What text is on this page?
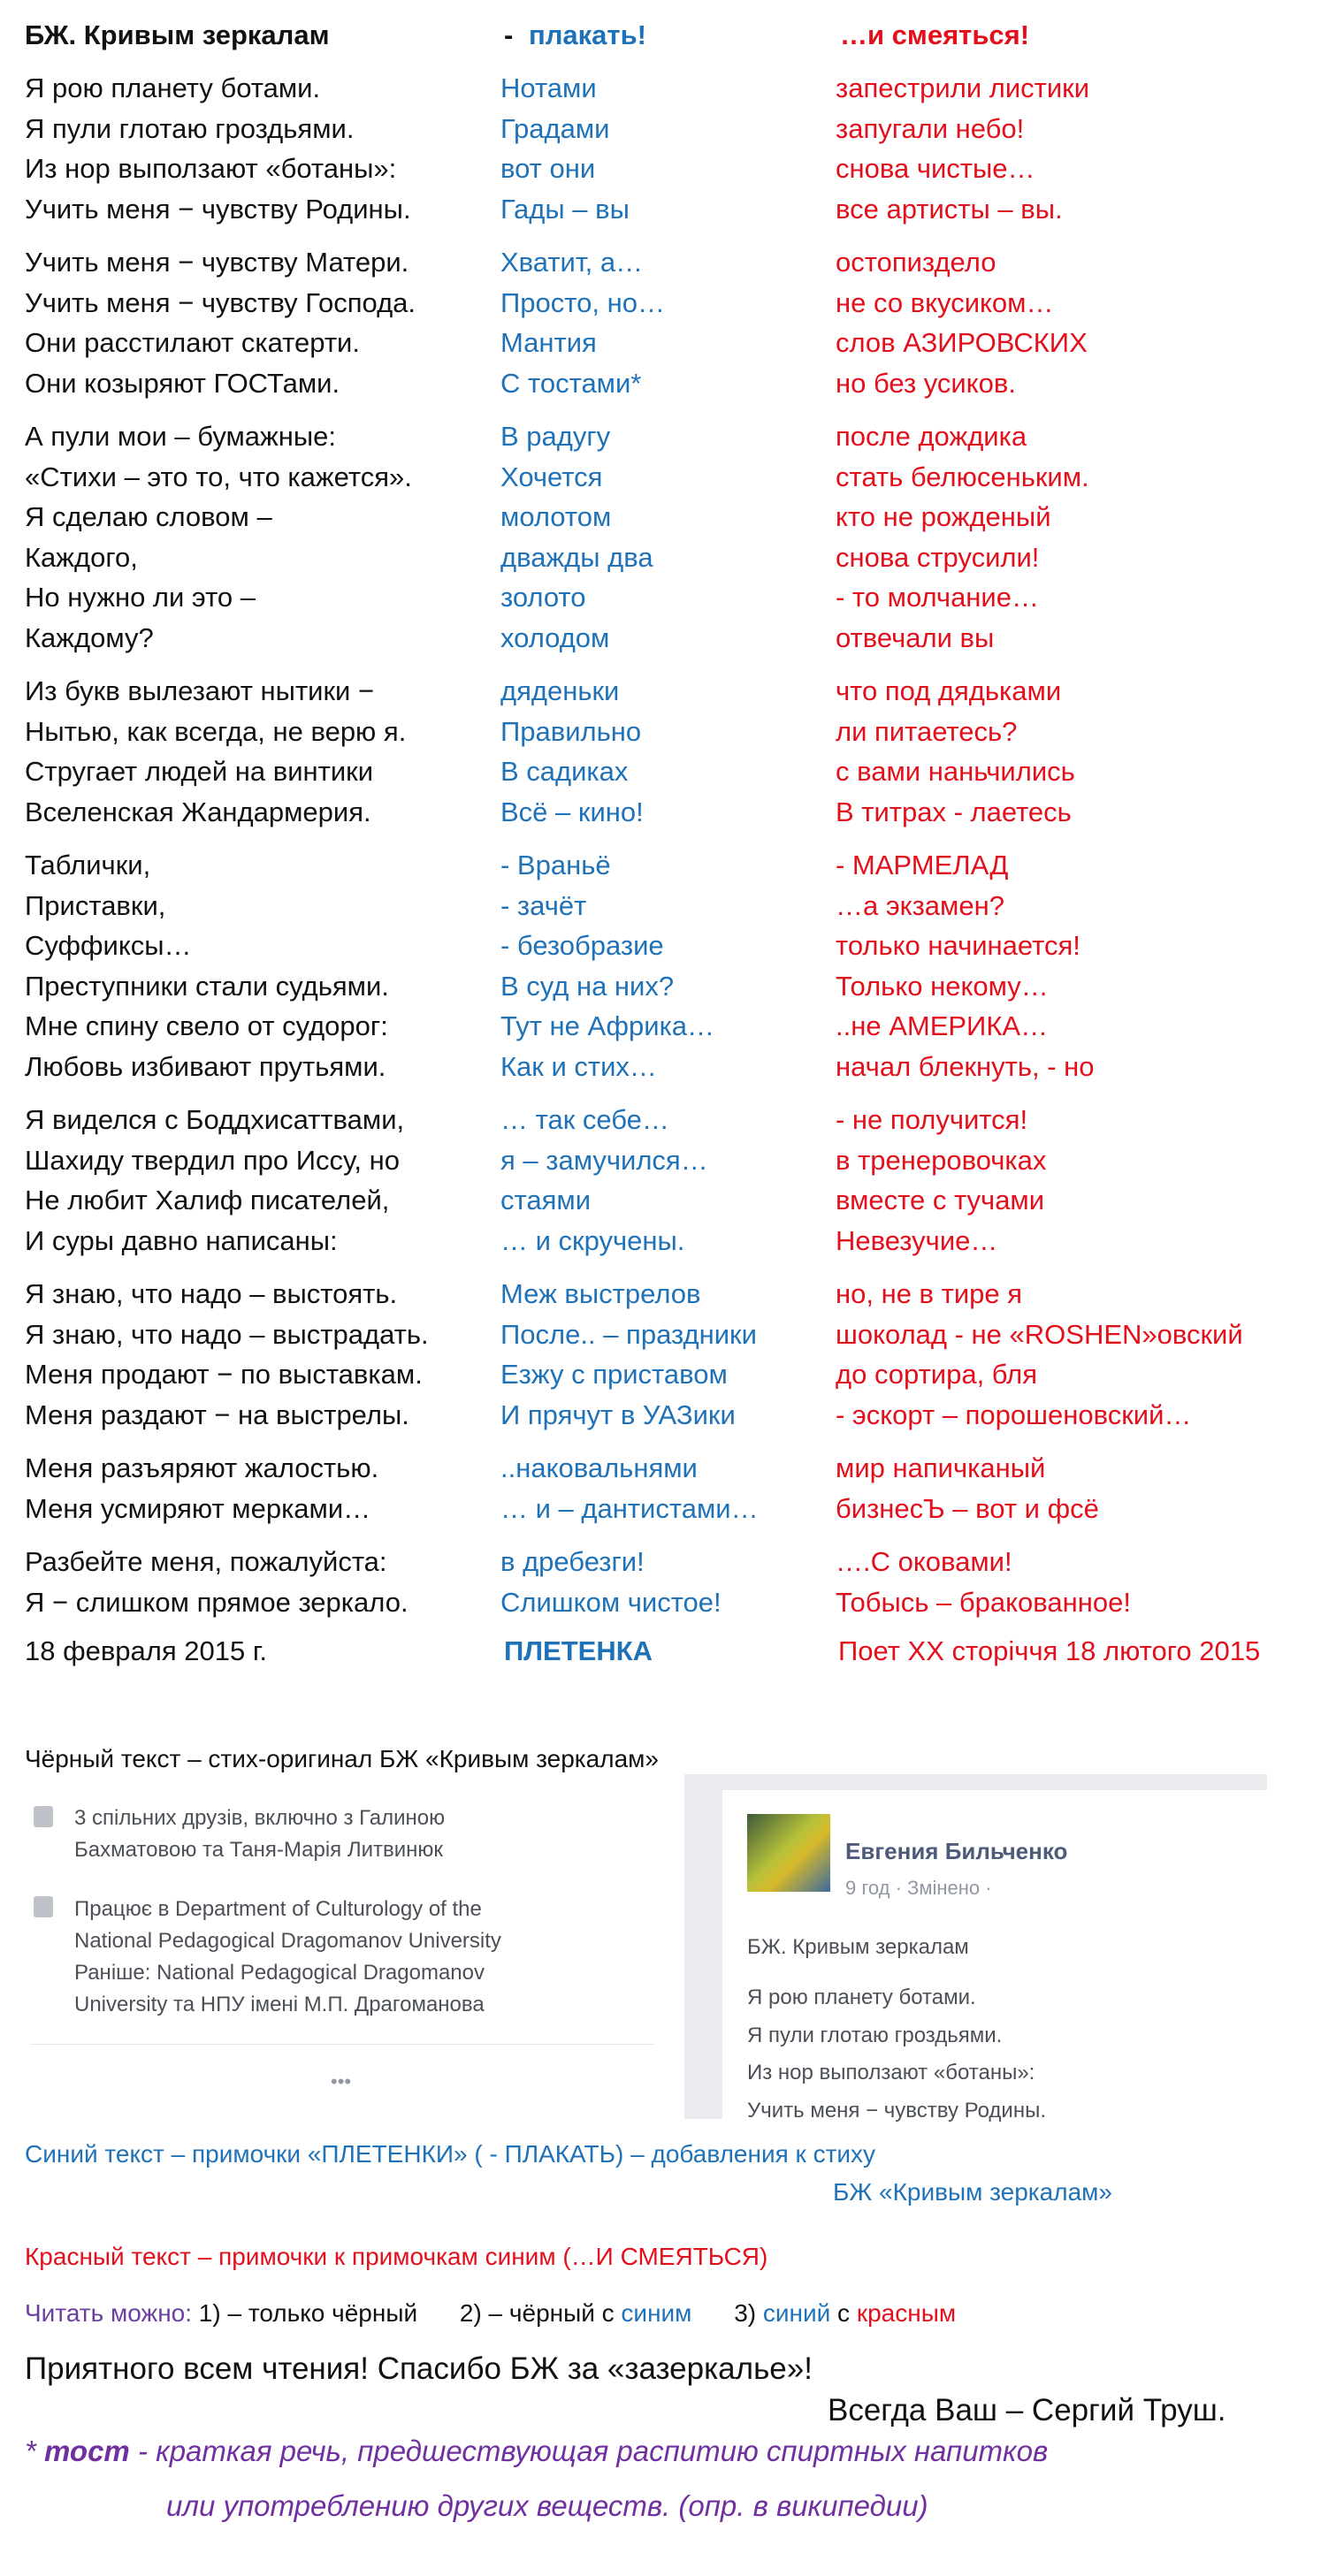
БЖ. Кривым зеркалам	- плакать!	…и смеяться!
Я рою планету ботами.	Нотами	запестрили листики
Я пули глотаю гроздьями.	Градами	запугали небо!
Из нор выползают «ботаны»:	вот они	снова чистые…
Учить меня − чувству Родины.	Гады – вы	все артисты – вы.
Учить меня − чувству Матери.	Хватит, а…	остопиздело
Учить меня − чувству Господа.	Просто, но…	не со вкусиком…
Они расстилают скатерти.	Мантия	слов АЗИРОВСКИХ
Они козыряют ГОСТами.	С тостами*	но без усиков.
А пули мои – бумажные:	В радугу	после дождика
«Стихи – это то, что кажется».	Хочется	стать белюсеньким.
Я сделаю словом –	молотом	кто не рожденый
Каждого,	дважды два	снова струсили!
Но нужно ли это –	золото	- то молчание…
Каждому?	холодом	отвечали вы
Из букв вылезают нытики −	дяденьки	что под дядьками
Нытью, как всегда, не верю я.	Правильно	ли питаетесь?
Стругает людей на винтики	В садиках	с вами наньчились
Вселенская Жандармерия.	Всё – кино!	В титрах - лаетесь
Таблички,	- Враньё	- МАРМЕЛАД
Приставки,	- зачёт	…а экзамен?
Суффиксы…	- безобразие	только начинается!
Преступники стали судьями.	В суд на них?	Только некому…
Мне спину свело от судорог:	Тут не Африка…	..не АМЕРИКА…
Любовь избивают прутьями.	Как и стих…	начал блекнуть, - но
Я виделся с Боддхисаттвами,	… так себе…	- не получится!
Шахиду твердил про Иссу, но	я – замучился…	в тренеровочках
Не любит Халиф писателей,	стаями	вместе с тучами
И суры давно написаны:	… и скручены.	Невезучие…
Я знаю, что надо – выстоять.	Меж выстрелов	но, не в тире я
Я знаю, что надо – выстрадать.	После.. – праздники	шоколад - не «ROSHEN»овский
Меня продают − по выставкам.	Езжу с приставом	до сортира, бля
Меня раздают − на выстрелы.	И прячут в УАЗики	- эскорт – порошеновский…
Меня разъяряют жалостью.	..наковальнями	мир напичканый
Меня усмиряют мерками…	… и – дантистами…	бизнесЪ – вот и фсё
Разбейте меня, пожалуйста:	в дребезги!	….С оковами!
Я − слишком прямое зеркало.	Слишком чистое!	Тобысь – бракованное!
18 февраля 2015 г.	ПЛЕТЕНКА	Поет ХХ сторіччя 18 лютого 2015
Чёрный текст – стих-оригинал БЖ «Кривым зеркалам»
3 спільних друзів, включно з Галиною
Бахматовою та Таня-Марія Литвинюк
Працює в Department of Culturology of the
National Pedagogical Dragomanov University
Раніше: National Pedagogical Dragomanov
University та НПУ імені М.П. Драгоманова
•••
Евгения Бильченко
9 год · Змінено ·
БЖ. Кривым зеркалам
Я рою планету ботами.
Я пули глотаю гроздьями.
Из нор выползают «ботаны»:
Учить меня − чувству Родины.
Синий текст – примочки «ПЛЕТЕНКИ» ( - ПЛАКАТЬ) – добавления к стиху
БЖ «Кривым зеркалам»
Красный текст – примочки к примочкам синим (…И СМЕЯТЬСЯ)
Читать можно: 1) – только чёрный 2) – чёрный с синим 3) синий с красным
Приятного всем чтения! Спасибо БЖ за «зазеркалье»!
Всегда Ваш – Сергий Труш.
* тост - краткая речь, предшествующая распитию спиртных напитков
или употреблению других веществ. (опр. в википедии)
